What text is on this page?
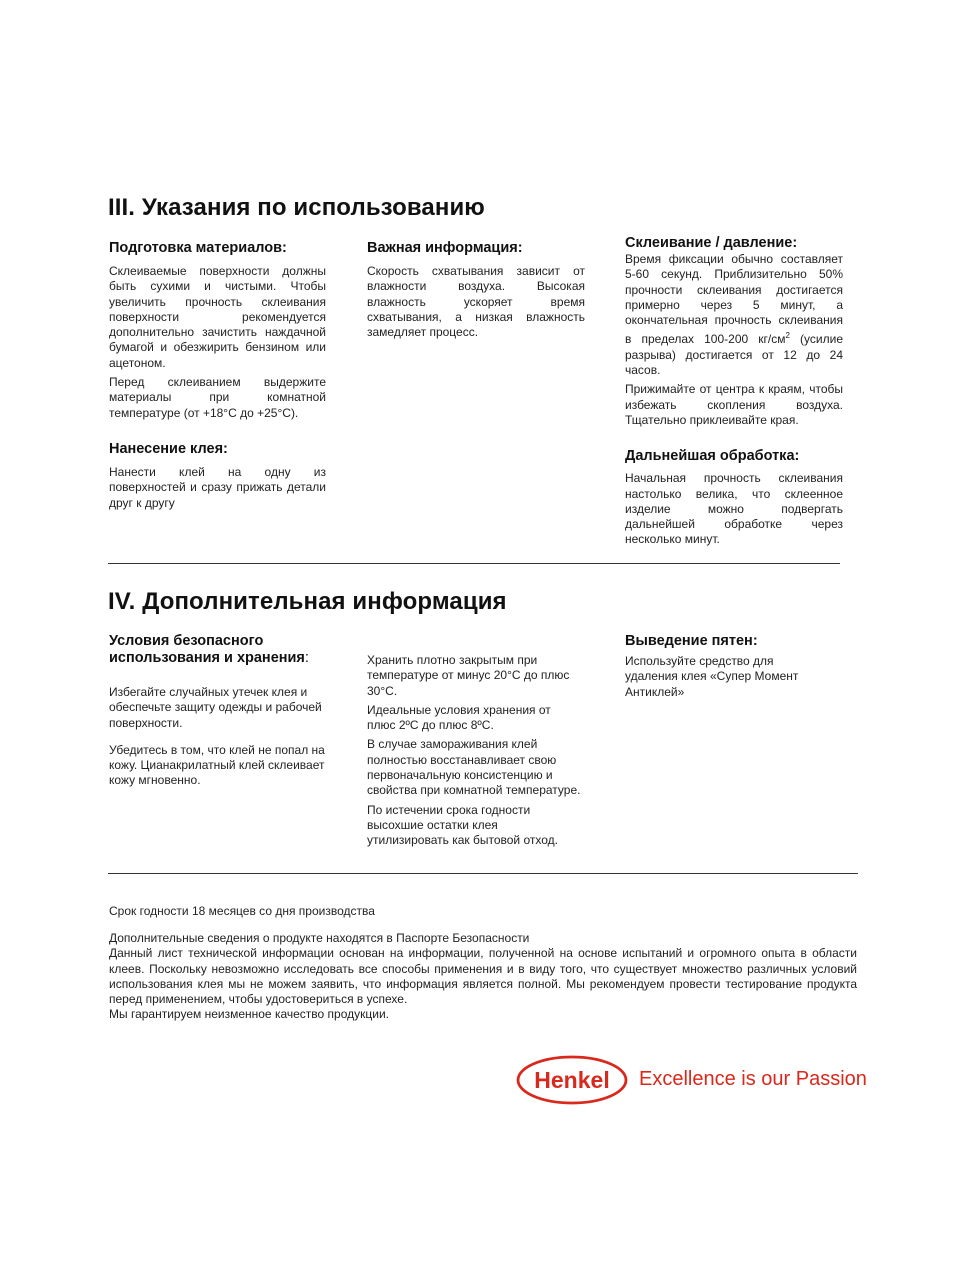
III. Указания по использованию
Подготовка материалов:

Склеиваемые поверхности должны быть сухими и чистыми. Чтобы увеличить прочность склеивания поверхности рекомендуется дополнительно зачистить наждачной бумагой и обезжирить бензином или ацетоном.

Перед склеиванием выдержите материалы при комнатной температуре (от +18°С до +25°С).

Нанесение клея:

Нанести клей на одну из поверхностей и сразу прижать детали друг к другу

Важная информация:

Скорость схватывания зависит от влажности воздуха. Высокая влажность ускоряет время схватывания, а низкая влажность замедляет процесс.

Склеивание / давление:

Время фиксации обычно составляет 5-60 секунд. Приблизительно 50% прочности склеивания достигается примерно через 5 минут, а окончательная прочность склеивания в пределах 100-200 $кг/см^2$ (усилие разрыва) достигается от 12 до 24 часов.

Прижимайте от центра к краям, чтобы избежать скопления воздуха. Тщательно приклеивайте края.

Дальнейшая обработка:

Начальная прочность склеивания настолько велика, что склеенное изделие можно подвергать дальнейшей обработке через несколько минут.

IV. Дополнительная информация
Условия безопасного использования и хранения:

Избегайте случайных утечек клея и обеспечьте защиту одежды и рабочей поверхности.

Убедитесь в том, что клей не попал на кожу. Цианакрилатный клей склеивает кожу мгновенно.

Хранить плотно закрытым при температуре от минус 20°С до плюс 30°С.

Идеальные условия хранения от плюс 2ºС до плюс 8ºС.

В случае замораживания клей полностью восстанавливает свою первоначальную консистенцию и свойства при комнатной температуре.

По истечении срока годности высохшие остатки клея утилизировать как бытовой отход.

Выведение пятен:

Используйте средство для удаления клея «Супер Момент Антиклей»

Срок годности 18 месяцев со дня производства

Дополнительные сведения о продукте находятся в Паспорте Безопасности

Данный лист технической информации основан на информации, полученной на основе испытаний и огромного опыта в области клеев. Поскольку невозможно исследовать все способы применения и в виду того, что существует множество различных условий использования клея мы не можем заявить, что информация является полной. Мы рекомендуем провести тестирование продукта перед применением, чтобы удостовериться в успехе.

Мы гарантируем неизменное качество продукции.

Henkel	Excellence is our Passion
